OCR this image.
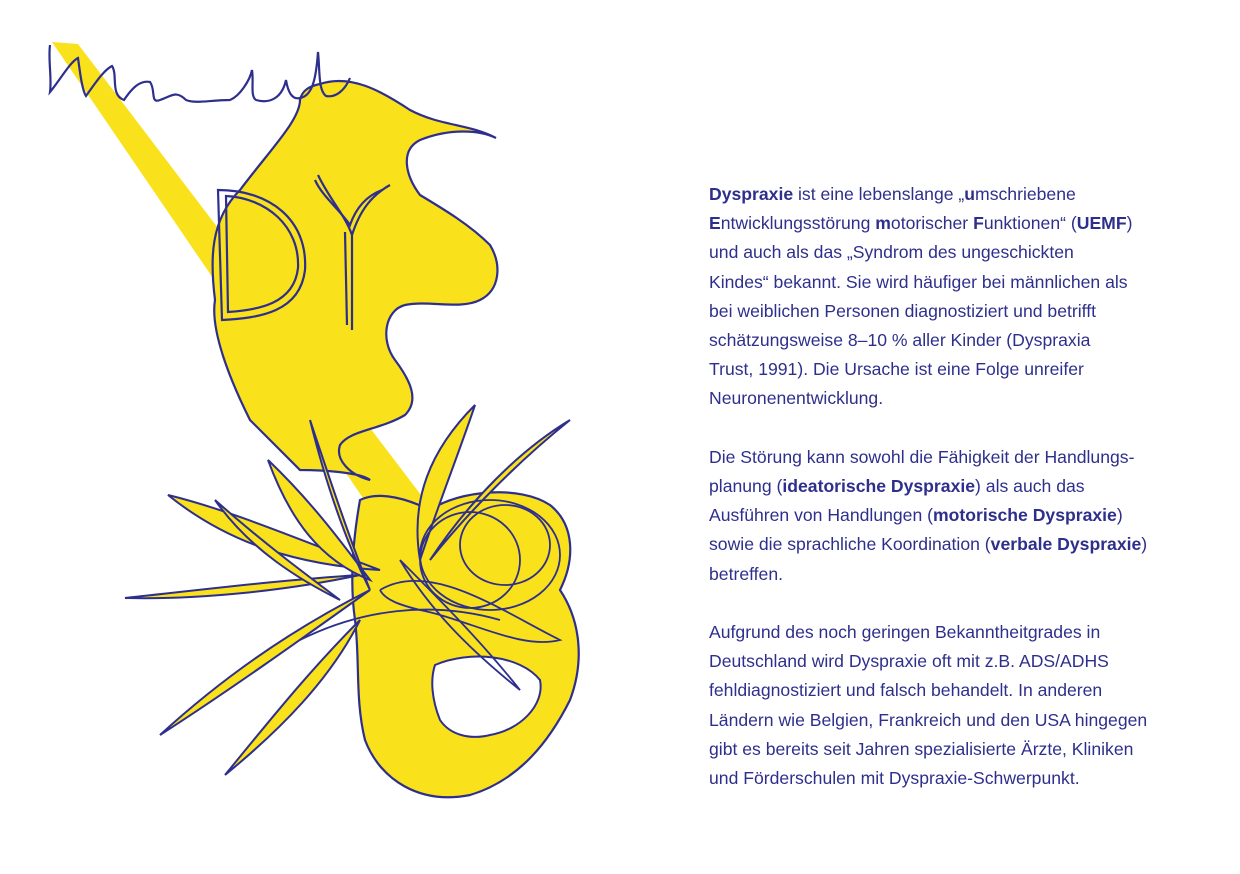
Dyspraxie ist eine lebenslange „umschriebene
Entwicklungsstörung motorischer Funktionen“ (UEMF)
und auch als das „Syndrom des ungeschickten
Kindes“ bekannt. Sie wird häufiger bei männlichen als
bei weiblichen Personen diagnostiziert und betrifft
schätzungsweise 8–10 % aller Kinder (Dyspraxia
Trust, 1991). Die Ursache ist eine Folge unreifer
Neuronenentwicklung.

Die Störung kann sowohl die Fähigkeit der Handlungs-
planung (ideatorische Dyspraxie) als auch das
Ausführen von Handlungen (motorische Dyspraxie)
sowie die sprachliche Koordination (verbale Dyspraxie)
betreffen.

Aufgrund des noch geringen Bekanntheitgrades in
Deutschland wird Dyspraxie oft mit z.B. ADS/ADHS
fehldiagnostiziert und falsch behandelt. In anderen
Ländern wie Belgien, Frankreich und den USA hingegen
gibt es bereits seit Jahren spezialisierte Ärzte, Kliniken
und Förderschulen mit Dyspraxie-Schwerpunkt.
